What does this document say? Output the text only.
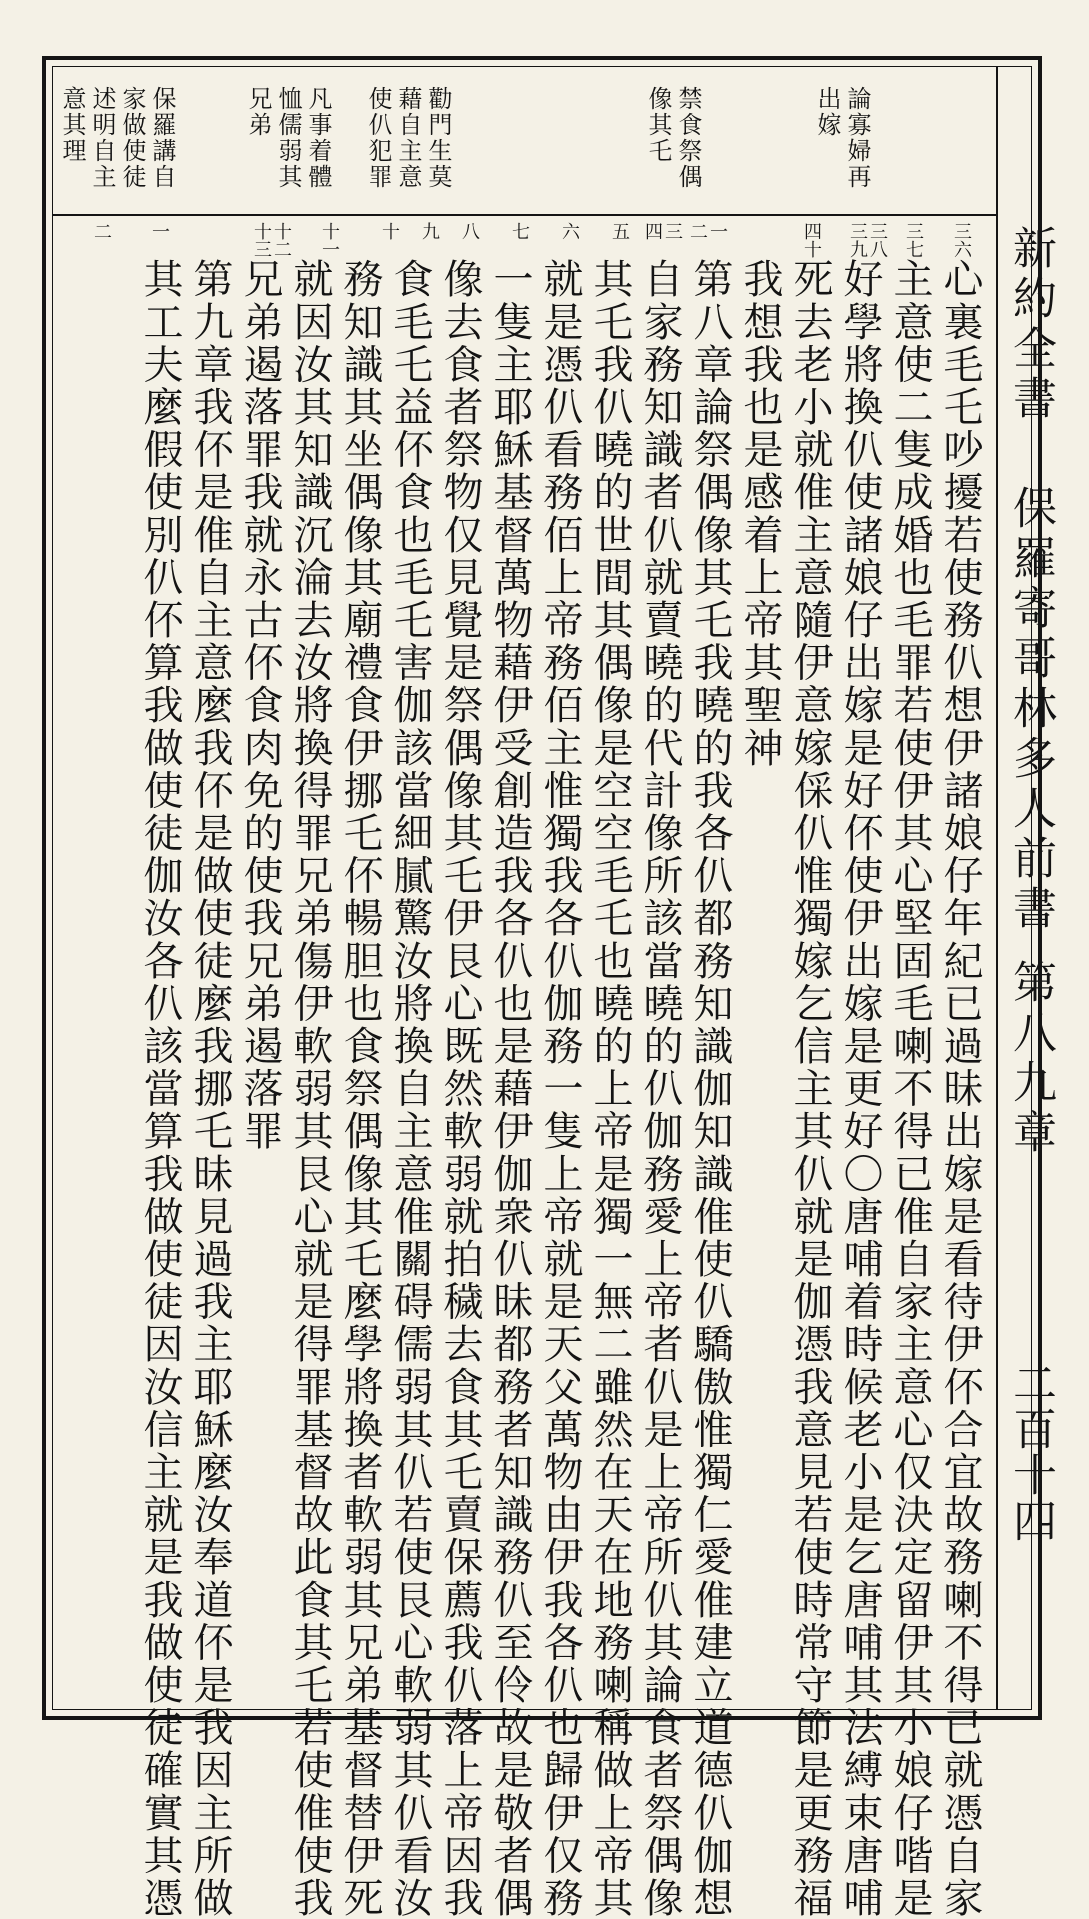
新約全書保羅寄哥林多人前書第八九章
二百十四
論寡婦再
出嫁
禁食祭偶
像其乇
勸門生莫
藉自主意
使仈犯罪
凡事着體
恤儒弱其
兄弟
保羅講自
家做使徒
述明自主
意其理
三六
三七
三八
三九
四十
一
二
三
四
五
六
七
八
九
十
十一
十二
十三
一
二
心裏毛乇吵擾若使務仈想伊諸娘仔年紀已過昧出嫁是看待伊伓合宜故務喇不得已就憑自家
主意使二隻成婚也毛罪若使伊其心堅固毛喇不得已倠自家主意心仅決定留伊其小娘仔喈是
好學將換仈使諸娘仔出嫁是好伓使伊出嫁是更好〇唐哺着時候老小是乞唐哺其法縛束唐哺
死去老小就倠主意隨伊意嫁倸仈惟獨嫁乞信主其仈就是伽憑我意見若使時常守節是更務福
我想我也是感着上帝其聖神
第八章論祭偶像其乇我曉的我各仈都務知識伽知識倠使仈驕傲惟獨仁愛倠建立道德仈伽想
自家務知識者仈就賣曉的代計像所該當曉的仈伽務愛上帝者仈是上帝所仈其論食者祭偶像
其乇我仈曉的世間其偶像是空空毛乇也曉的上帝是獨一無二雖然在天在地務喇稱做上帝其
就是憑仈看務佰上帝務佰主惟獨我各仈伽務一隻上帝就是天父萬物由伊我各仈也歸伊仅務
一隻主耶穌基督萬物藉伊受創造我各仈也是藉伊伽衆仈昧都務者知識務仈至伶故是敬者偶
像去食者祭物仅見覺是祭偶像其乇伊艮心既然軟弱就拍穢去食其乇賣保薦我仈落上帝因我
食毛乇益伓食也毛乇害伽該當細膩驚汝將換自主意倠關碍儒弱其仈若使艮心軟弱其仈看汝
務知識其坐偶像其廟禮食伊挪乇伓暢胆也食祭偶像其乇麼學將換者軟弱其兄弟基督替伊死
就因汝其知識沉淪去汝將換得罪兄弟傷伊軟弱其艮心就是得罪基督故此食其乇若使倠使我
兄弟遏落罪我就永古伓食肉免的使我兄弟遏落罪
第九章我伓是倠自主意麼我伓是做使徒麼我挪乇昧見過我主耶穌麼汝奉道伓是我因主所做
其工夫麼假使別仈伓算我做使徒伽汝各仈該當算我做使徒因汝信主就是我做使徒確實其憑
